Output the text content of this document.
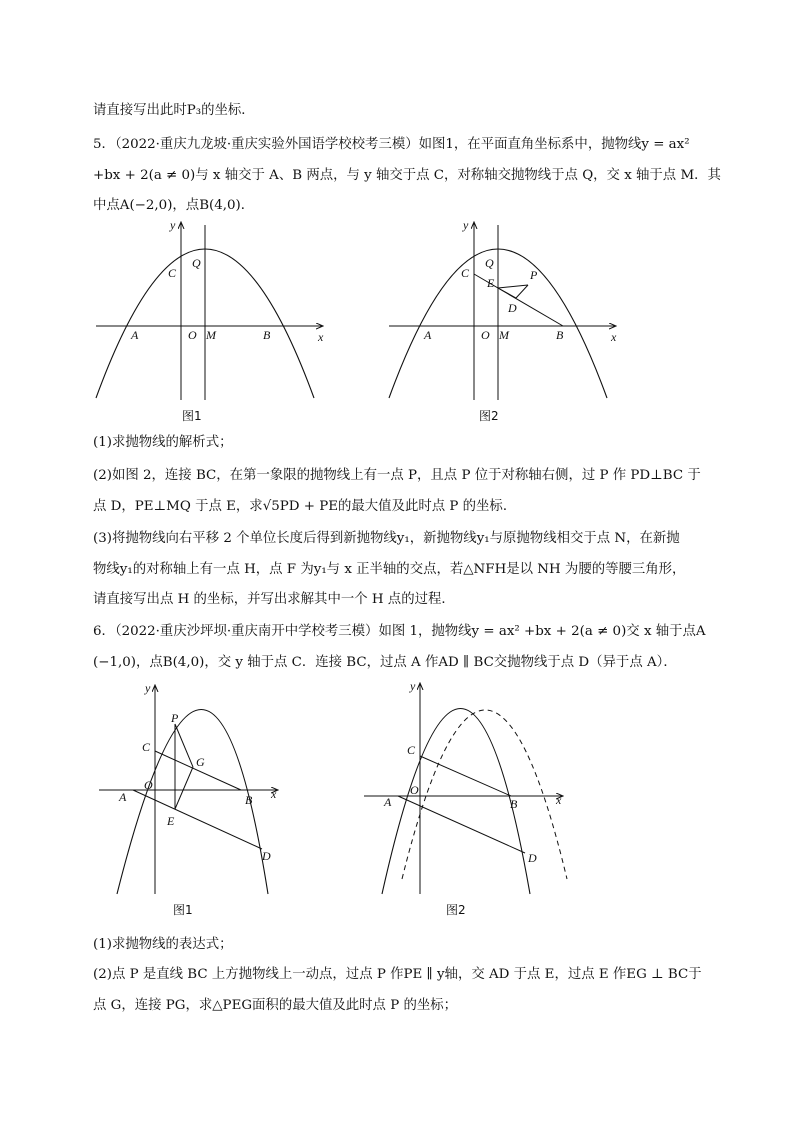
请直接写出此时P₃的坐标．
5．（2022·重庆九龙坡·重庆实验外国语学校校考三模）如图1，在平面直角坐标系中，抛物线y = ax²
+bx + 2(a ≠ 0)与 x 轴交于 A、B 两点，与 y 轴交于点 C，对称轴交抛物线于点 Q，交 x 轴于点 M．其
中点A(−2,0)，点B(4,0)．
y
x
C
Q
A	O M	B
图1
y
x
C
Q
P
E
D
A	O M	B
图2
(1)求抛物线的解析式；
(2)如图 2，连接 BC，在第一象限的抛物线上有一点 P，且点 P 位于对称轴右侧，过 P 作 PD⊥BC 于
点 D，PE⊥MQ 于点 E，求√5PD + PE的最大值及此时点 P 的坐标．
(3)将抛物线向右平移 2 个单位长度后得到新抛物线y₁，新抛物线y₁与原抛物线相交于点 N，在新抛
物线y₁的对称轴上有一点 H，点 F 为y₁与 x 正半轴的交点，若△NFH是以 NH 为腰的等腰三角形，
请直接写出点 H 的坐标，并写出求解其中一个 H 点的过程．
6．（2022·重庆沙坪坝·重庆南开中学校考三模）如图 1，抛物线y = ax² +bx + 2(a ≠ 0)交 x 轴于点A
(−1,0)，点B(4,0)，交 y 轴于点 C．连接 BC，过点 A 作AD ∥ BC交抛物线于点 D（异于点 A）．
y
x
P
C
G
A
O
B
E
D
图1
y
x
C
A
O
B
D
图2
(1)求抛物线的表达式；
(2)点 P 是直线 BC 上方抛物线上一动点，过点 P 作PE ∥ y轴，交 AD 于点 E，过点 E 作EG ⊥ BC于
点 G，连接 PG，求△PEG面积的最大值及此时点 P 的坐标；
